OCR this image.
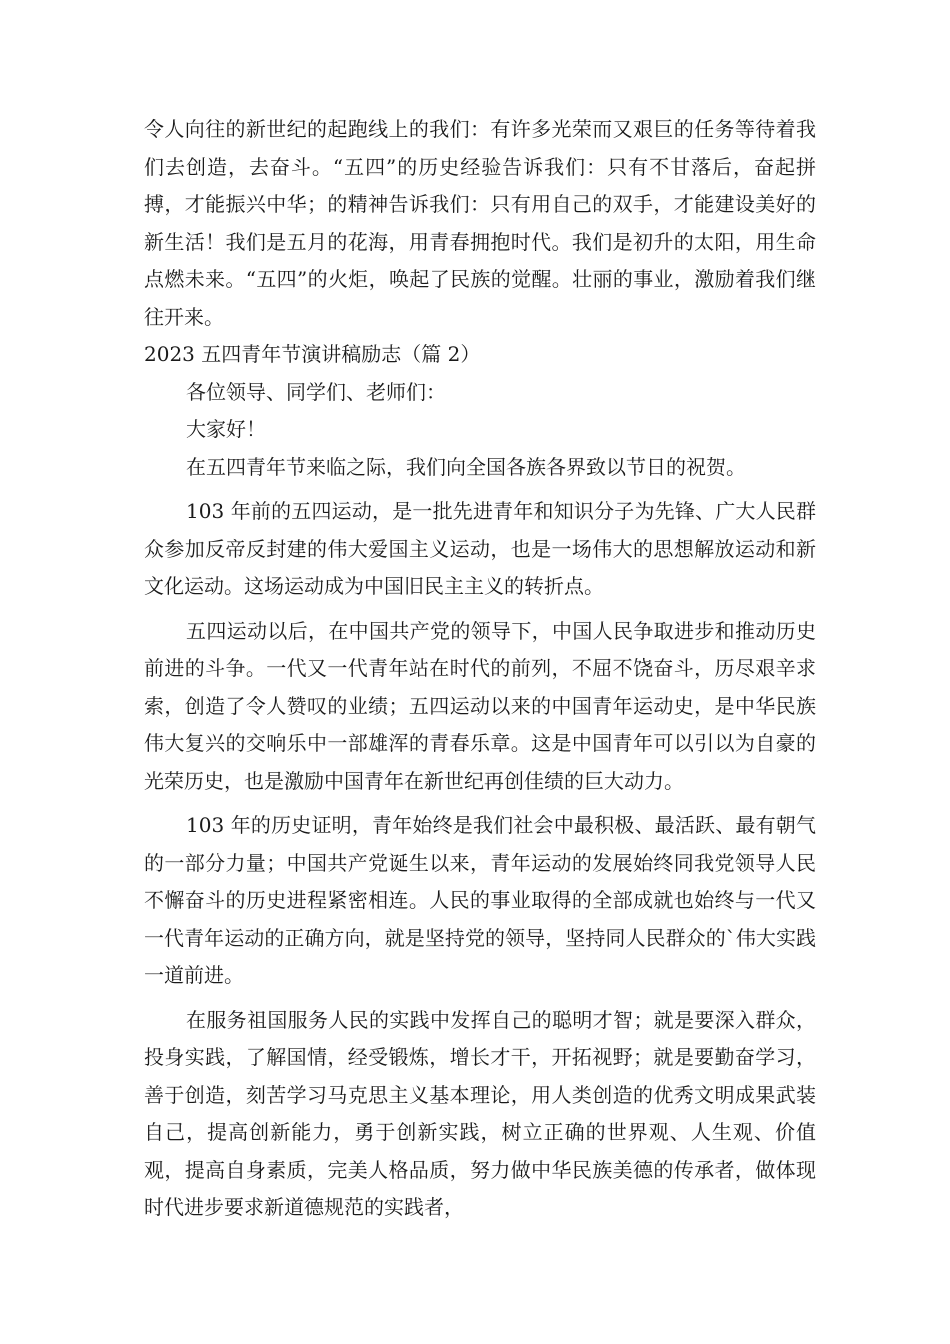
令人向往的新世纪的起跑线上的我们：有许多光荣而又艰巨的任务等待着我们去创造，去奋斗。“五四”的历史经验告诉我们：只有不甘落后，奋起拼搏，才能振兴中华；的精神告诉我们：只有用自己的双手，才能建设美好的新生活！我们是五月的花海，用青春拥抱时代。我们是初升的太阳，用生命点燃未来。“五四”的火炬，唤起了民族的觉醒。壮丽的事业，激励着我们继往开来。

2023 五四青年节演讲稿励志（篇 2）

各位领导、同学们、老师们：

大家好！

在五四青年节来临之际，我们向全国各族各界致以节日的祝贺。

103 年前的五四运动，是一批先进青年和知识分子为先锋、广大人民群众参加反帝反封建的伟大爱国主义运动，也是一场伟大的思想解放运动和新文化运动。这场运动成为中国旧民主主义的转折点。

五四运动以后，在中国共产党的领导下，中国人民争取进步和推动历史前进的斗争。一代又一代青年站在时代的前列，不屈不饶奋斗，历尽艰辛求索，创造了令人赞叹的业绩；五四运动以来的中国青年运动史，是中华民族伟大复兴的交响乐中一部雄浑的青春乐章。这是中国青年可以引以为自豪的光荣历史，也是激励中国青年在新世纪再创佳绩的巨大动力。

103 年的历史证明，青年始终是我们社会中最积极、最活跃、最有朝气的一部分力量；中国共产党诞生以来，青年运动的发展始终同我党领导人民不懈奋斗的历史进程紧密相连。人民的事业取得的全部成就也始终与一代又一代青年运动的正确方向，就是坚持党的领导，坚持同人民群众的`伟大实践一道前进。

在服务祖国服务人民的实践中发挥自己的聪明才智；就是要深入群众，投身实践，了解国情，经受锻炼，增长才干，开拓视野；就是要勤奋学习，善于创造，刻苦学习马克思主义基本理论，用人类创造的优秀文明成果武装自己，提高创新能力，勇于创新实践，树立正确的世界观、人生观、价值观，提高自身素质，完美人格品质，努力做中华民族美德的传承者，做体现时代进步要求新道德规范的实践者，
